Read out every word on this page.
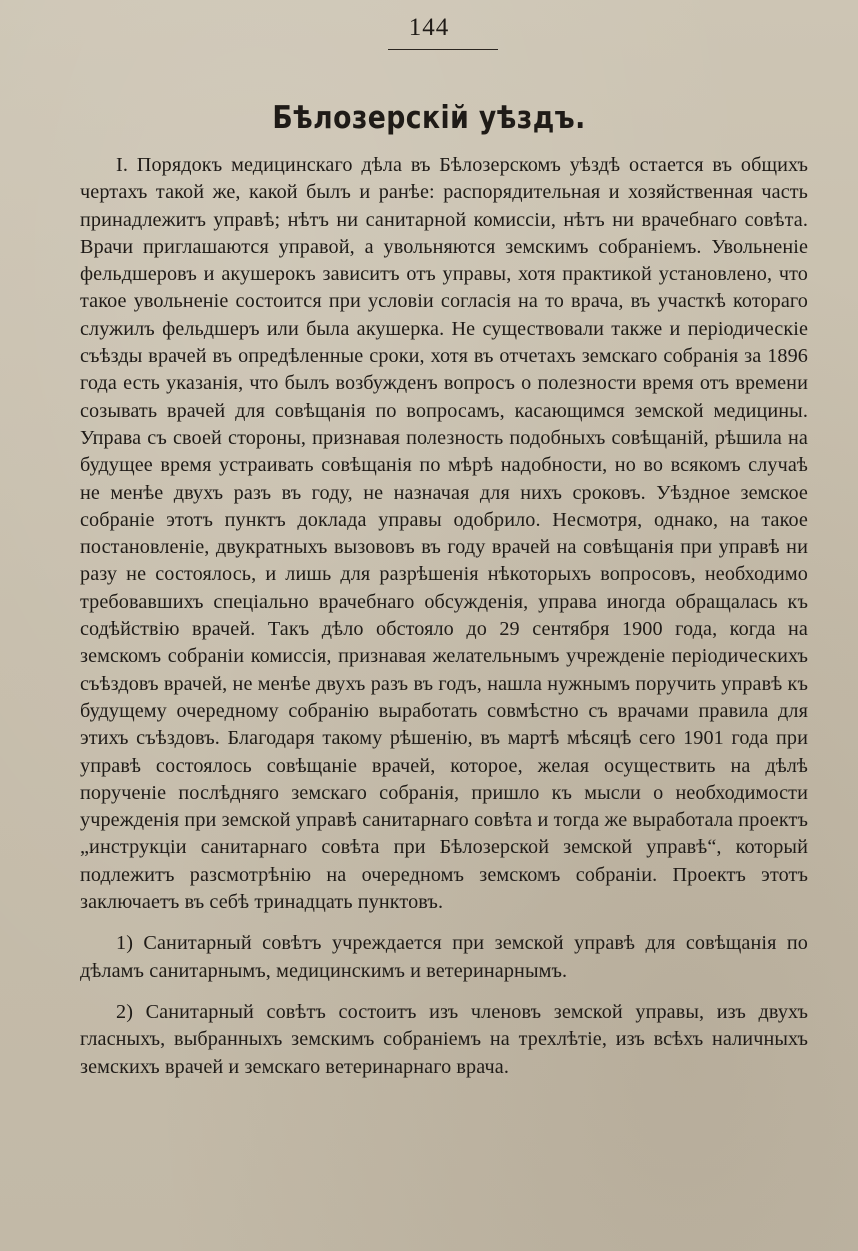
144
Бѣлозерскій уѣздъ.

I. Порядокъ медицинскаго дѣла въ Бѣлозерскомъ уѣздѣ остается въ общихъ чертахъ такой же, какой былъ и ранѣе: распорядительная и хозяйственная часть принадлежитъ управѣ; нѣтъ ни санитарной комиссіи, нѣтъ ни врачебнаго совѣта. Врачи приглашаются управой, а увольняются земскимъ собраніемъ. Увольненіе фельдшеровъ и акушерокъ зависитъ отъ управы, хотя практикой установлено, что такое увольненіе состоится при условіи согласія на то врача, въ участкѣ котораго служилъ фельдшеръ или была акушерка. Не существовали также и періодическіе съѣзды врачей въ опредѣленные сроки, хотя въ отчетахъ земскаго собранія за 1896 года есть указанія, что былъ возбужденъ вопросъ о полезности время отъ времени созывать врачей для совѣщанія по вопросамъ, касающимся земской медицины. Управа съ своей стороны, признавая полезность подобныхъ совѣщаній, рѣшила на будущее время устраивать совѣщанія по мѣрѣ надобности, но во всякомъ случаѣ не менѣе двухъ разъ въ году, не назначая для нихъ сроковъ. Уѣздное земское собраніе этотъ пунктъ доклада управы одобрило. Несмотря, однако, на такое постановленіе, двукратныхъ вызововъ въ году врачей на совѣщанія при управѣ ни разу не состоялось, и лишь для разрѣшенія нѣкоторыхъ вопросовъ, необходимо требовавшихъ спеціально врачебнаго обсужденія, управа иногда обращалась къ содѣйствію врачей. Такъ дѣло обстояло до 29 сентября 1900 года, когда на земскомъ собраніи комиссія, признавая желательнымъ учрежденіе періодическихъ съѣздовъ врачей, не менѣе двухъ разъ въ годъ, нашла нужнымъ поручить управѣ къ будущему очередному собранію выработать совмѣстно съ врачами правила для этихъ съѣздовъ. Благодаря такому рѣшенію, въ мартѣ мѣсяцѣ сего 1901 года при управѣ состоялось совѣщаніе врачей, которое, желая осуществить на дѣлѣ порученіе послѣдняго земскаго собранія, пришло къ мысли о необходимости учрежденія при земской управѣ санитарнаго совѣта и тогда же выработала проектъ „инструкціи санитарнаго совѣта при Бѣлозерской земской управѣ“, который подлежитъ разсмотрѣнію на очередномъ земскомъ собраніи. Проектъ этотъ заключаетъ въ себѣ тринадцать пунктовъ.

1) Санитарный совѣтъ учреждается при земской управѣ для совѣщанія по дѣламъ санитарнымъ, медицинскимъ и ветеринарнымъ.

2) Санитарный совѣтъ состоитъ изъ членовъ земской управы, изъ двухъ гласныхъ, выбранныхъ земскимъ собраніемъ на трехлѣтіе, изъ всѣхъ наличныхъ земскихъ врачей и земскаго ветеринарнаго врача.
